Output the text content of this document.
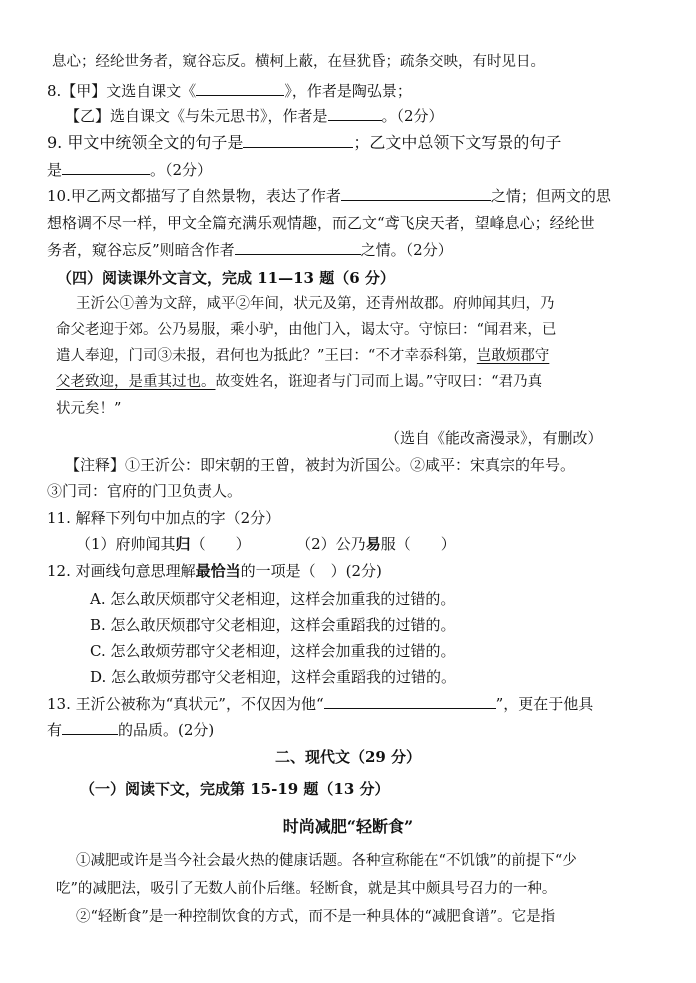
息心；经纶世务者，窥谷忘反。横柯上蔽，在昼犹昏；疏条交映，有时见日。
8.【甲】文选自课文《	》，作者是陶弘景；
【乙】选自课文《与朱元思书》，作者是	。（2分）
9. 甲文中统领全文的句子是	；乙文中总领下文写景的句子
是	。（2分）
10.甲乙两文都描写了自然景物，表达了作者	之情；但两文的思
想格调不尽一样，甲文全篇充满乐观情趣，而乙文“鸢飞戾天者，望峰息心；经纶世
务者，窥谷忘反”则暗含作者	之情。（2分）
（四）阅读课外文言文，完成 11—13 题（6 分）
王沂公①善为文辞，咸平②年间，状元及第，还青州故郡。府帅闻其归，乃
命父老迎于郊。公乃易服，乘小驴，由他门入，谒太守。守惊曰：“闻君来，已
遣人奉迎，门司③未报，君何也为抵此？”王曰：“不才幸忝科第，岂敢烦郡守
父老致迎，是重其过也。故变姓名，诳迎者与门司而上谒。”守叹曰：“君乃真
状元矣！”
（选自《能改斋漫录》，有删改）
【注释】①王沂公：即宋朝的王曾，被封为沂国公。②咸平：宋真宗的年号。
③门司：官府的门卫负责人。
11. 解释下列句中加点的字（2分）
（1）府帅闻其归（　　）	（2）公乃易服（　　）
12. 对画线句意思理解最恰当的一项是（　）(2分)
A. 怎么敢厌烦郡守父老相迎，这样会加重我的过错的。
B. 怎么敢厌烦郡守父老相迎，这样会重蹈我的过错的。
C. 怎么敢烦劳郡守父老相迎，这样会加重我的过错的。
D. 怎么敢烦劳郡守父老相迎，这样会重蹈我的过错的。
13. 王沂公被称为“真状元”，不仅因为他“	”，更在于他具
有	的品质。(2分)
二、现代文（29 分）
（一）阅读下文，完成第 15-19 题（13 分）
时尚减肥“轻断食”
①减肥或许是当今社会最火热的健康话题。各种宣称能在“不饥饿”的前提下“少
吃”的减肥法，吸引了无数人前仆后继。轻断食，就是其中颇具号召力的一种。
②“轻断食”是一种控制饮食的方式，而不是一种具体的“减肥食谱”。它是指
